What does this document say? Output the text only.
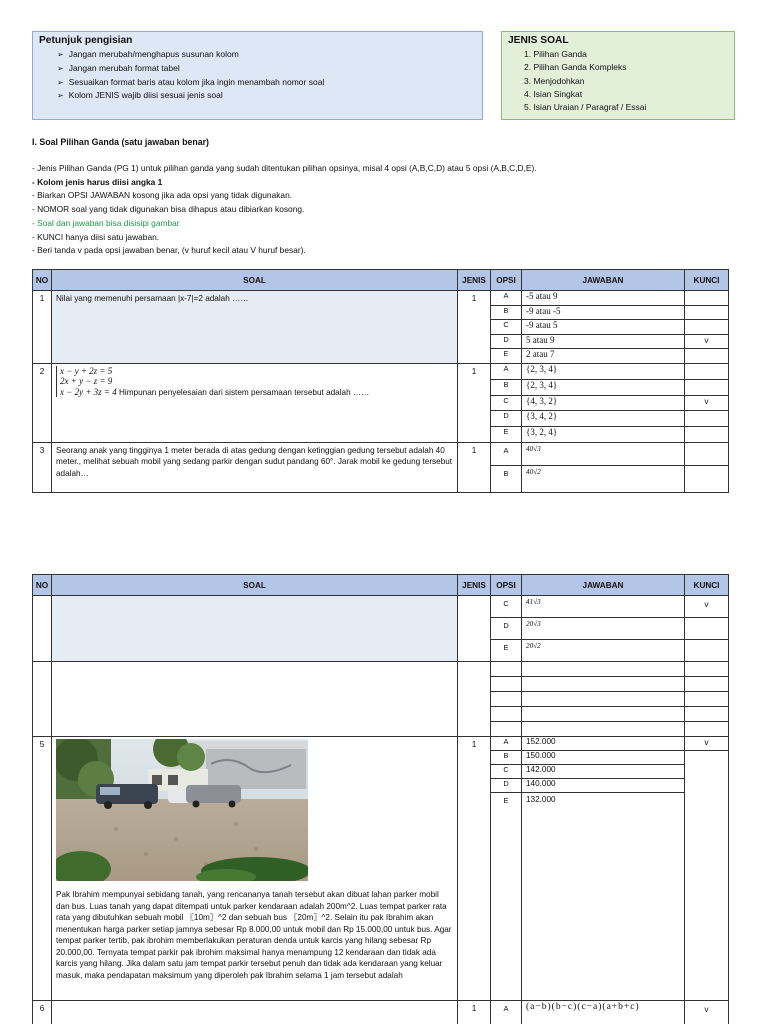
Petunjuk pengisian
➢ Jangan merubah/menghapus susunan kolom
➢ Jangan merubah format tabel
➢ Sesuaikan format baris atau kolom jika ingin menambah nomor soal
➢ Kolom JENIS wajib diisi sesuai jenis soal
JENIS SOAL
1. Pilihan Ganda
2. Pilihan Ganda Kompleks
3. Menjodohkan
4. Isian Singkat
5. Isian Uraian / Paragraf / Essai
I. Soal Pilihan Ganda (satu jawaban benar)
- Jenis Pilihan Ganda (PG 1) untuk pilihan ganda yang sudah ditentukan pilihan opsinya, misal 4 opsi (A,B,C,D) atau 5 opsi (A,B,C,D,E).
- Kolom jenis harus diisi angka 1
- Biarkan OPSI JAWABAN kosong jika ada opsi yang tidak digunakan.
- NOMOR soal yang tidak digunakan bisa dihapus atau dibiarkan kosong.
- Soal dan jawaban bisa disisipi gambar
- KUNCI hanya diisi satu jawaban.
- Beri tanda v pada opsi jawaban benar, (v huruf kecil atau V huruf besar).
NO	SOAL	JENIS	OPSI	JAWABAN	KUNCI
1	Nilai yang memenuhi persamaan |x-7|=2 adalah ……	1	A	-5 atau 9	
			B	-9 atau -5	
			C	-9 atau 5	
			D	5 atau 9	v
			E	2 atau 7	
2	x − y + 2z = 5
2x + y − z = 9
x − 2y + 3z = 4 Himpunan penyelesaian dari sistem persamaan tersebut adalah ……	1	A	{2, 3, 4}	
			B	{2, 3, 4}	
			C	{4, 3, 2}	v
			D	{3, 4, 2}	
			E	{3, 2, 4}	
3	Seorang anak yang tingginya 1 meter berada di atas gedung dengan ketinggian gedung tersebut adalah 40 meter., melihat sebuah mobil yang sedang parkir dengan sudut pandang 60°. Jarak mobil ke gedung tersebut adalah…	1	A	40√3	
			B	40√2	
NO	SOAL	JENIS	OPSI	JAWABAN	KUNCI
			C	41√3	v
			D	20√3	
			E	20√2	

5	Pak Ibrahim mempunyai sebidang tanah, yang rencananya tanah tersebut akan dibuat lahan parker mobil dan bus. Luas tanah yang dapat ditempati untuk parker kendaraan adalah 200m^2. Luas tempat parker rata rata yang dibutuhkan sebuah mobil 〖10m〗^2 dan sebuah bus 〖20m〗^2. Selain itu pak Ibrahim akan menentukan harga parker setiap jamnya sebesar Rp 8.000,00 untuk mobil dan Rp 15.000,00 untuk bus. Agar tempat parker tertib, pak ibrohim memberlakukan peraturan denda untuk karcis yang hilang sebesar Rp 20.000,00. Ternyata tempat parkir pak ibrohim maksimal hanya menampung 12 kendaraan dan tidak ada karcis yang hilang. Jika dalam satu jam tempat parkir tersebut penuh dan tidak ada kendaraan yang keluar masuk, maka pendapatan maksimum yang diperoleh pak Ibrahim selama 1 jam tersebut adalah	1	A	152.000	v
			B	150.000	
			C	142.000	
			D	140.000	
			E	132.000	
6		1	A	(a−b)(b−c)(c−a)(a+b+c)	v
